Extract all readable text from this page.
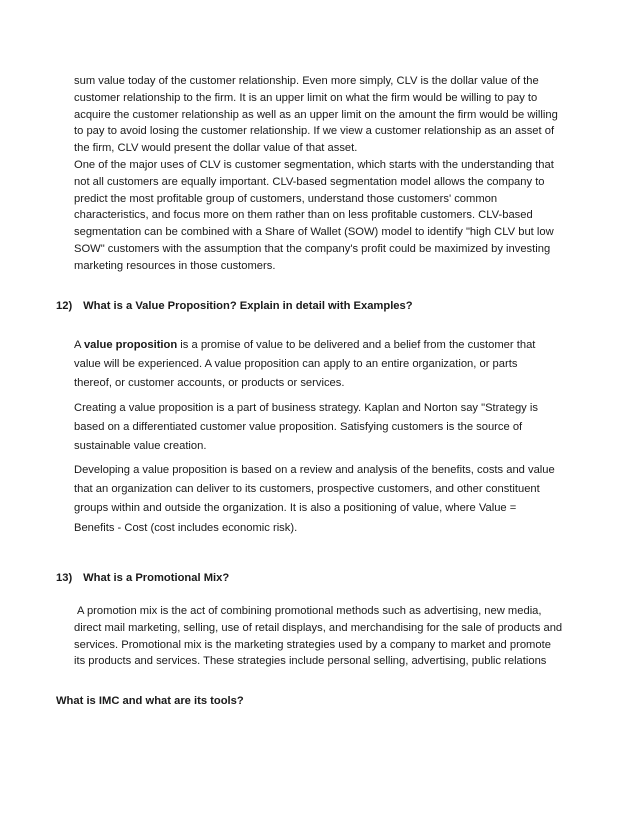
sum value today of the customer relationship. Even more simply, CLV is the dollar value of the customer relationship to the firm. It is an upper limit on what the firm would be willing to pay to acquire the customer relationship as well as an upper limit on the amount the firm would be willing to pay to avoid losing the customer relationship. If we view a customer relationship as an asset of the firm, CLV would present the dollar value of that asset.

One of the major uses of CLV is customer segmentation, which starts with the understanding that not all customers are equally important. CLV-based segmentation model allows the company to predict the most profitable group of customers, understand those customers' common characteristics, and focus more on them rather than on less profitable customers. CLV-based segmentation can be combined with a Share of Wallet (SOW) model to identify "high CLV but low SOW" customers with the assumption that the company's profit could be maximized by investing marketing resources in those customers.

12) What is a Value Proposition? Explain in detail with Examples?

A value proposition is a promise of value to be delivered and a belief from the customer that value will be experienced. A value proposition can apply to an entire organization, or parts thereof, or customer accounts, or products or services.

Creating a value proposition is a part of business strategy. Kaplan and Norton say "Strategy is based on a differentiated customer value proposition. Satisfying customers is the source of sustainable value creation.

Developing a value proposition is based on a review and analysis of the benefits, costs and value that an organization can deliver to its customers, prospective customers, and other constituent groups within and outside the organization. It is also a positioning of value, where Value = Benefits - Cost (cost includes economic risk).

13) What is a Promotional Mix?

A promotion mix is the act of combining promotional methods such as advertising, new media, direct mail marketing, selling, use of retail displays, and merchandising for the sale of products and services. Promotional mix is the marketing strategies used by a company to market and promote its products and services. These strategies include personal selling, advertising, public relations

What is IMC and what are its tools?
